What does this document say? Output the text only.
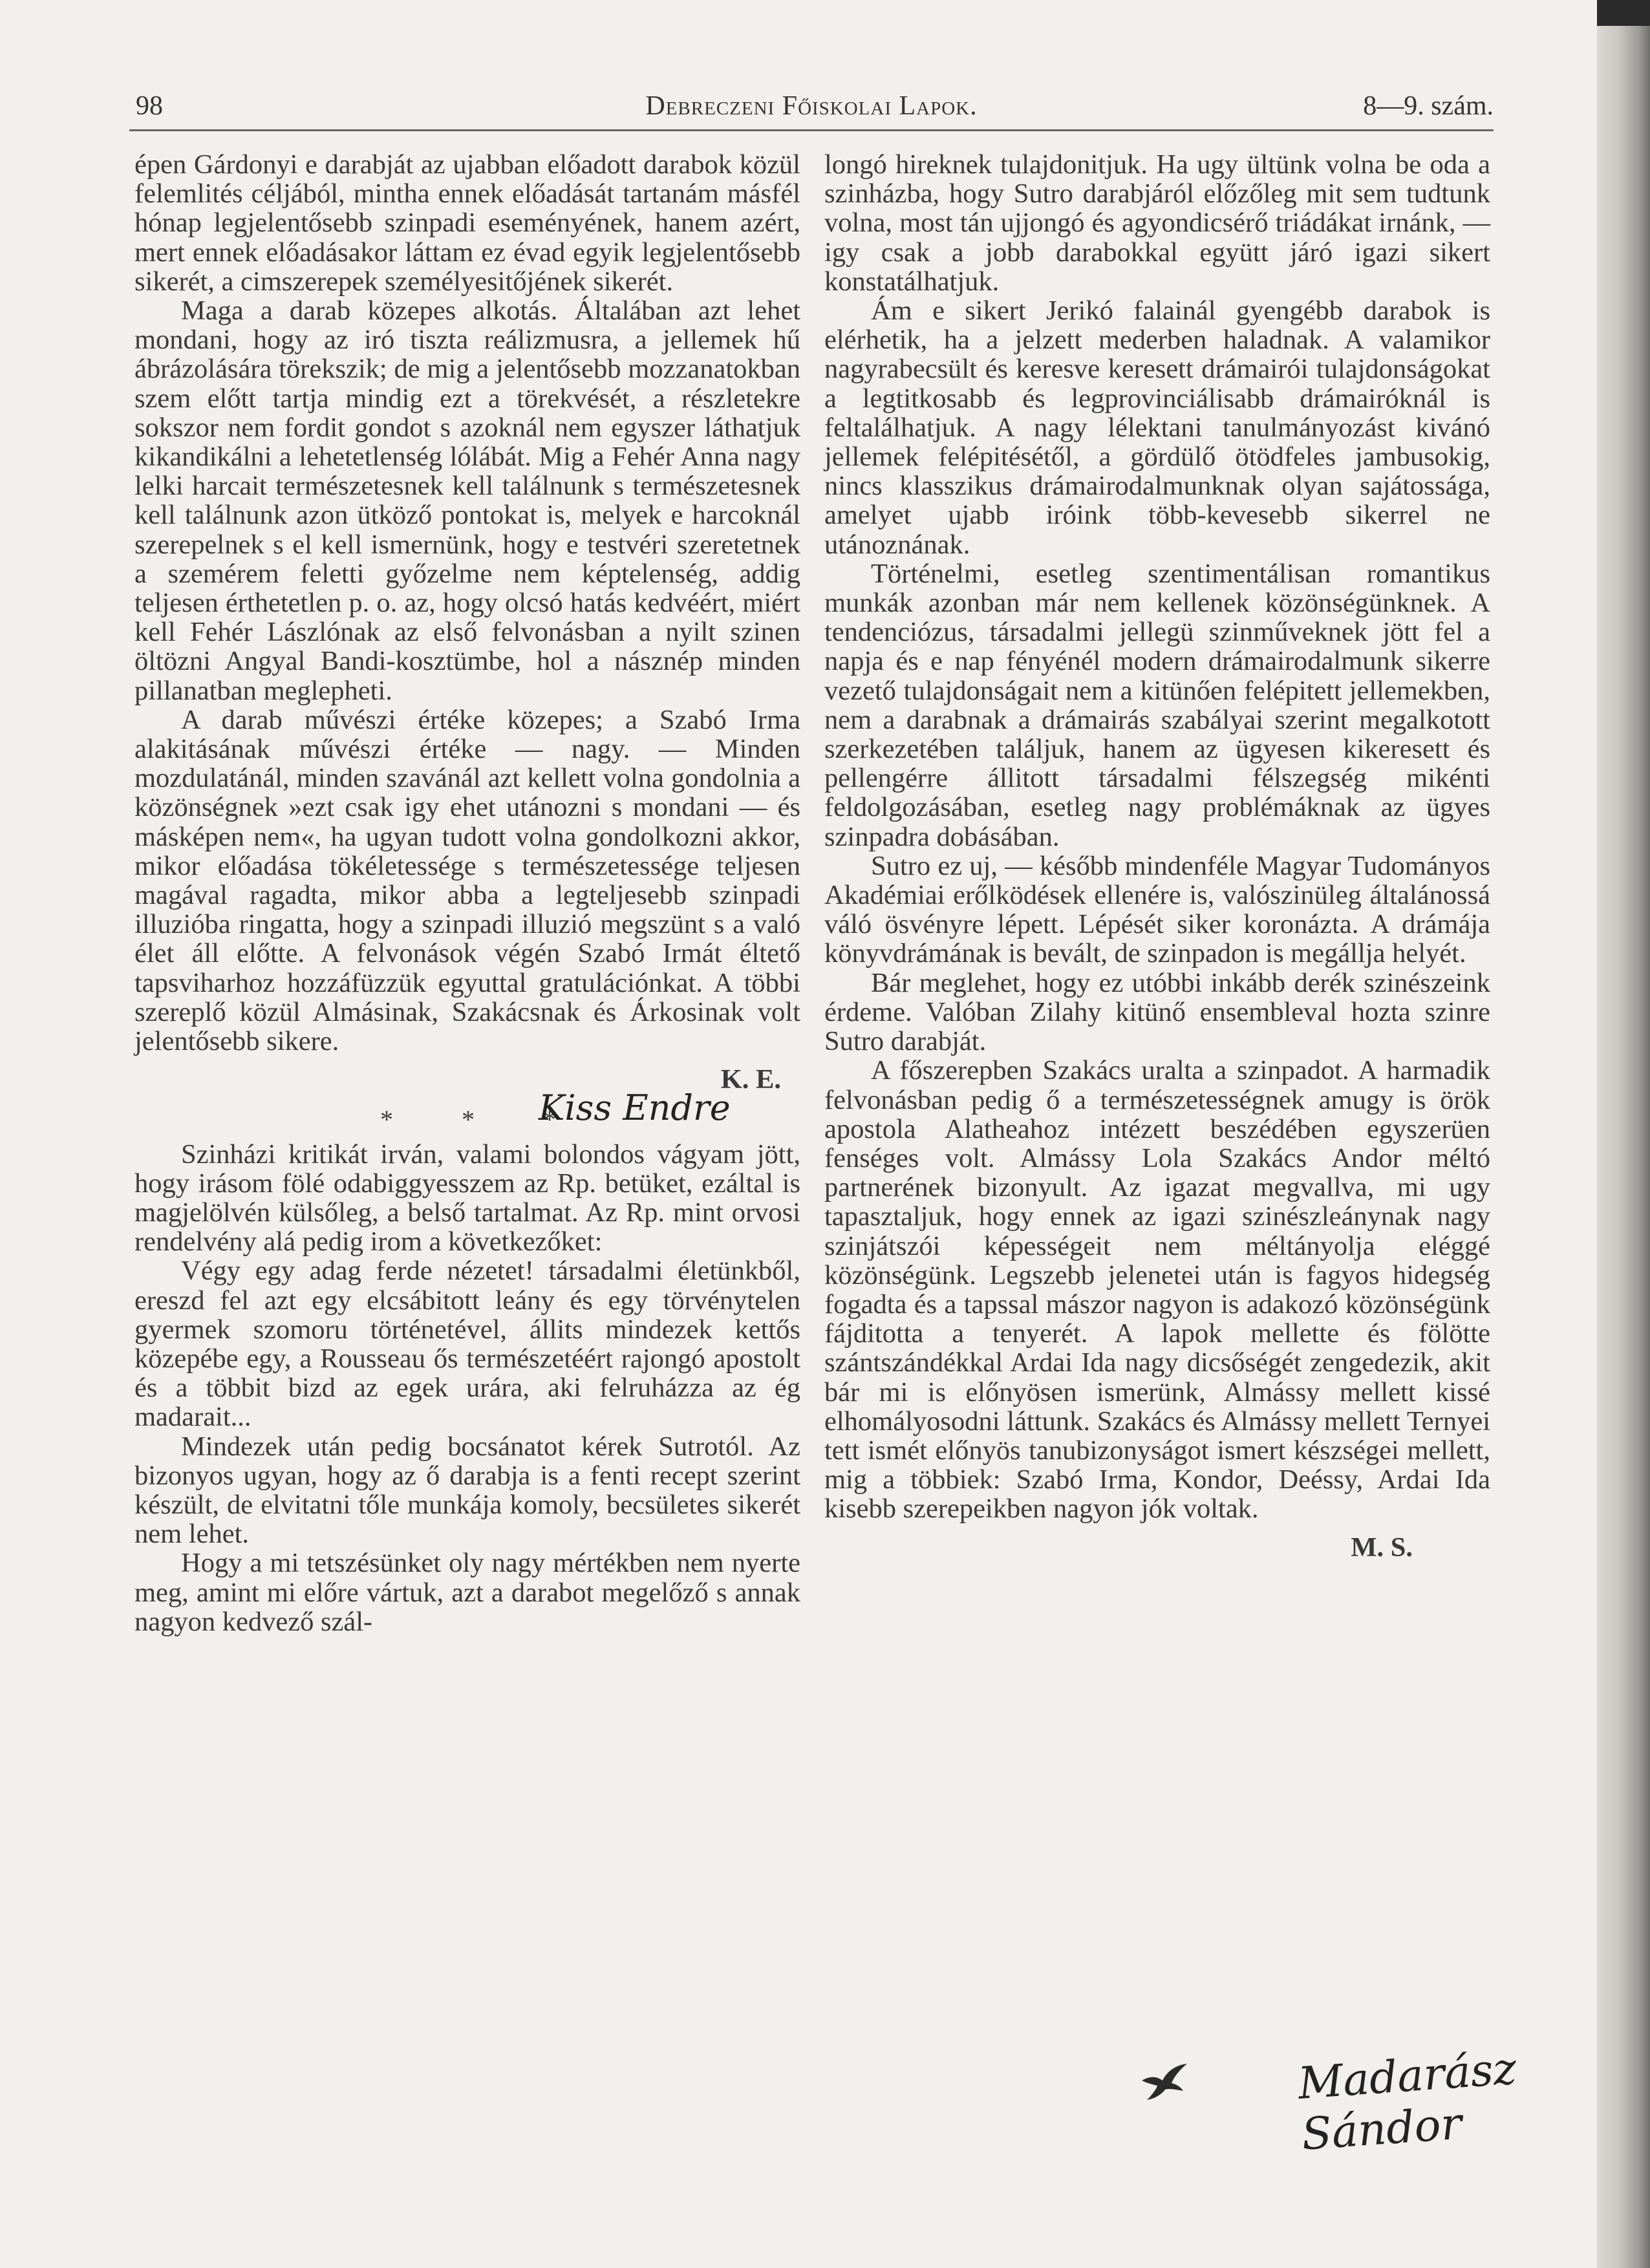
98	Debreczeni Főiskolai Lapok.	8—9. szám.

épen Gárdonyi e darabját az ujabban előadott darabok közül felemlités céljából, mintha ennek előadását tartanám másfél hónap legjelentősebb szinpadi eseményének, hanem azért, mert ennek előadásakor láttam ez évad egyik legjelentősebb sikerét, a cimszerepek személyesitőjének sikerét.

Maga a darab közepes alkotás. Általában azt lehet mondani, hogy az iró tiszta reálizmusra, a jellemek hű ábrázolására törekszik; de mig a jelentősebb mozzanatokban szem előtt tartja mindig ezt a törekvését, a részletekre sokszor nem fordit gondot s azoknál nem egyszer láthatjuk kikandikálni a lehetetlenség lólábát. Mig a Fehér Anna nagy lelki harcait természetesnek kell találnunk s természetesnek kell találnunk azon ütköző pontokat is, melyek e harcoknál szerepelnek s el kell ismernünk, hogy e testvéri szeretetnek a szemérem feletti győzelme nem képtelenség, addig teljesen érthetetlen p. o. az, hogy olcsó hatás kedvéért, miért kell Fehér Lászlónak az első felvonásban a nyilt szinen öltözni Angyal Bandi-kosztümbe, hol a násznép minden pillanatban meglepheti.

A darab művészi értéke közepes; a Szabó Irma alakitásának művészi értéke — nagy. — Minden mozdulatánál, minden szavánál azt kellett volna gondolnia a közönségnek »ezt csak igy ehet utánozni s mondani — és másképen nem«, ha ugyan tudott volna gondolkozni akkor, mikor előadása tökéletessége s természetessége teljesen magával ragadta, mikor abba a legteljesebb szinpadi illuzióba ringatta, hogy a szinpadi illuzió megszünt s a való élet áll előtte. A felvonások végén Szabó Irmát éltető tapsviharhoz hozzáfüzzük egyuttal gratulációnkat. A többi szereplő közül Almásinak, Szakácsnak és Árkosinak volt jelentősebb sikere.

K. E.
* * *
Kiss Endre

Szinházi kritikát irván, valami bolondos vágyam jött, hogy irásom fölé odabiggyesszem az Rp. betüket, ezáltal is magjelölvén külsőleg, a belső tartalmat. Az Rp. mint orvosi rendelvény alá pedig irom a következőket:

Végy egy adag ferde nézetet! társadalmi életünkből, ereszd fel azt egy elcsábitott leány és egy törvénytelen gyermek szomoru történetével, állits mindezek kettős közepébe egy, a Rousseau ős természetéért rajongó apostolt és a többit bizd az egek urára, aki felruházza az ég madarait...

Mindezek után pedig bocsánatot kérek Sutrotól. Az bizonyos ugyan, hogy az ő darabja is a fenti recept szerint készült, de elvitatni tőle munkája komoly, becsületes sikerét nem lehet.

Hogy a mi tetszésünket oly nagy mértékben nem nyerte meg, amint mi előre vártuk, azt a darabot megelőző s annak nagyon kedvező szál-

longó hireknek tulajdonitjuk. Ha ugy ültünk volna be oda a szinházba, hogy Sutro darabjáról előzőleg mit sem tudtunk volna, most tán ujjongó és agyondicsérő triádákat irnánk, — igy csak a jobb darabokkal együtt járó igazi sikert konstatálhatjuk.

Ám e sikert Jerikó falainál gyengébb darabok is elérhetik, ha a jelzett mederben haladnak. A valamikor nagyrabecsült és keresve keresett drámairói tulajdonságokat a legtitkosabb és legprovinciálisabb drámairóknál is feltalálhatjuk. A nagy lélektani tanulmányozást kivánó jellemek felépitésétől, a gördülő ötödfeles jambusokig, nincs klasszikus drámairodalmunknak olyan sajátossága, amelyet ujabb iróink több-kevesebb sikerrel ne utánoznának.

Történelmi, esetleg szentimentálisan romantikus munkák azonban már nem kellenek közönségünknek. A tendenciózus, társadalmi jellegü szinműveknek jött fel a napja és e nap fényénél modern drámairodalmunk sikerre vezető tulajdonságait nem a kitünően felépitett jellemekben, nem a darabnak a drámairás szabályai szerint megalkotott szerkezetében találjuk, hanem az ügyesen kikeresett és pellengérre állitott társadalmi félszegség mikénti feldolgozásában, esetleg nagy problémáknak az ügyes szinpadra dobásában.

Sutro ez uj, — később mindenféle Magyar Tudományos Akadémiai erőlködések ellenére is, valószinüleg általánossá váló ösvényre lépett. Lépését siker koronázta. A drámája könyvdrámának is bevált, de szinpadon is megállja helyét.

Bár meglehet, hogy ez utóbbi inkább derék szinészeink érdeme. Valóban Zilahy kitünő ensembleval hozta szinre Sutro darabját.

A főszerepben Szakács uralta a szinpadot. A harmadik felvonásban pedig ő a természetességnek amugy is örök apostola Alatheahoz intézett beszédében egyszerüen fenséges volt. Almássy Lola Szakács Andor méltó partnerének bizonyult. Az igazat megvallva, mi ugy tapasztaljuk, hogy ennek az igazi szinészleánynak nagy szinjátszói képességeit nem méltányolja eléggé közönségünk. Legszebb jelenetei után is fagyos hidegség fogadta és a tapssal mászor nagyon is adakozó közönségünk fájditotta a tenyerét. A lapok mellette és fölötte szántszándékkal Ardai Ida nagy dicsőségét zengedezik, akit bár mi is előnyösen ismerünk, Almássy mellett kissé elhomályosodni láttunk. Szakács és Almássy mellett Ternyei tett ismét előnyös tanubizonyságot ismert készségei mellett, mig a többiek: Szabó Irma, Kondor, Deéssy, Ardai Ida kisebb szerepeikben nagyon jók voltak.

M. S.
Madarász Sándor
